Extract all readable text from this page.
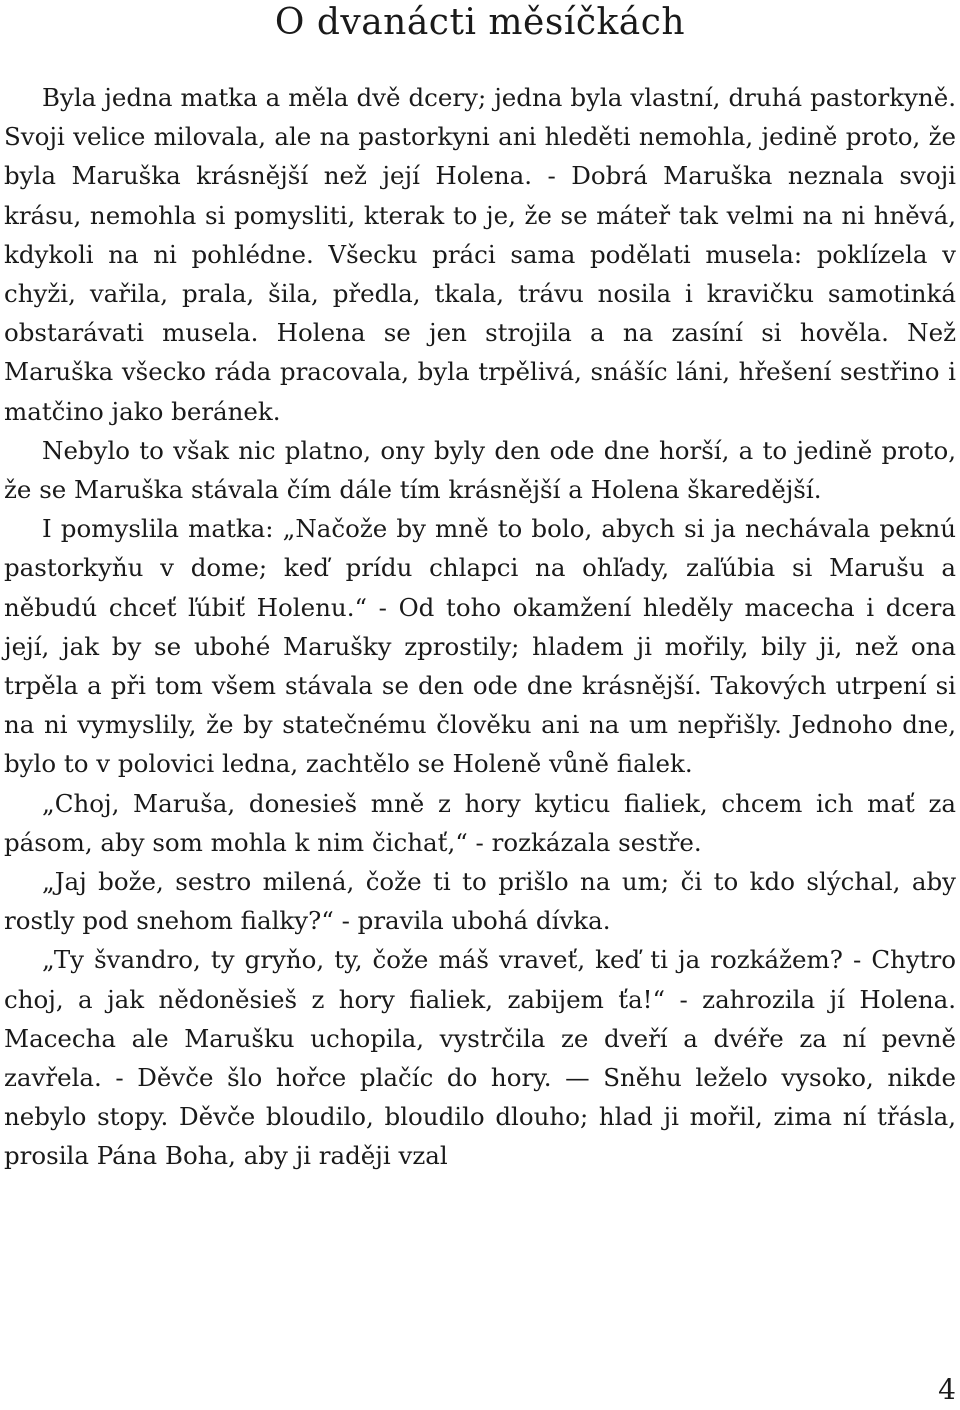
O dvanácti měsíčkách

Byla jedna matka a měla dvě dcery; jedna byla vlastní, druhá pastorkyně. Svoji velice milovala, ale na pastorkyni ani hleděti nemohla, jedině proto, že byla Maruška krásnější než její Holena. - Dobrá Maruška neznala svoji krásu, nemohla si pomysliti, kterak to je, že se máteř tak velmi na ni hněvá, kdykoli na ni pohlédne. Všecku práci sama podělati musela: poklízela v chyži, vařila, prala, šila, předla, tkala, trávu nosila i kravičku samotinká obstarávati musela. Holena se jen strojila a na zasíní si hověla. Než Maruška všecko ráda pracovala, byla trpělivá, snášíc láni, hřešení sestřino i matčino jako beránek.

Nebylo to však nic platno, ony byly den ode dne horší, a to jedině proto, že se Maruška stávala čím dále tím krásnější a Holena škaredější.

I pomyslila matka: „Načože by mně to bolo, abych si ja nechávala peknú pastorkyňu v dome; keď prídu chlapci na ohľady, zaľúbia si Marušu a něbudú chceť ľúbiť Holenu.“ - Od toho okamžení hleděly macecha i dcera její, jak by se ubohé Marušky zprostily; hladem ji mořily, bily ji, než ona trpěla a při tom všem stávala se den ode dne krásnější. Takových utrpení si na ni vymyslily, že by statečnému člověku ani na um nepřišly. Jednoho dne, bylo to v polovici ledna, zachtělo se Holeně vůně fialek.

„Choj, Maruša, donesieš mně z hory kyticu fialiek, chcem ich mať za pásom, aby som mohla k nim čichať,“ - rozkázala sestře.

„Jaj bože, sestro milená, čože ti to prišlo na um; či to kdo slýchal, aby rostly pod snehom fialky?“ - pravila ubohá dívka.

„Ty švandro, ty gryňo, ty, čože máš vraveť, keď ti ja rozkážem? - Chytro choj, a jak nědoněsieš z hory fialiek, zabijem ťa!“ - zahrozila jí Holena. Macecha ale Marušku uchopila, vystrčila ze dveří a dvéře za ní pevně zavřela. - Děvče šlo hořce plačíc do hory. — Sněhu leželo vysoko, nikde nebylo stopy. Děvče bloudilo, bloudilo dlouho; hlad ji mořil, zima ní třásla, prosila Pána Boha, aby ji raději vzal

4
